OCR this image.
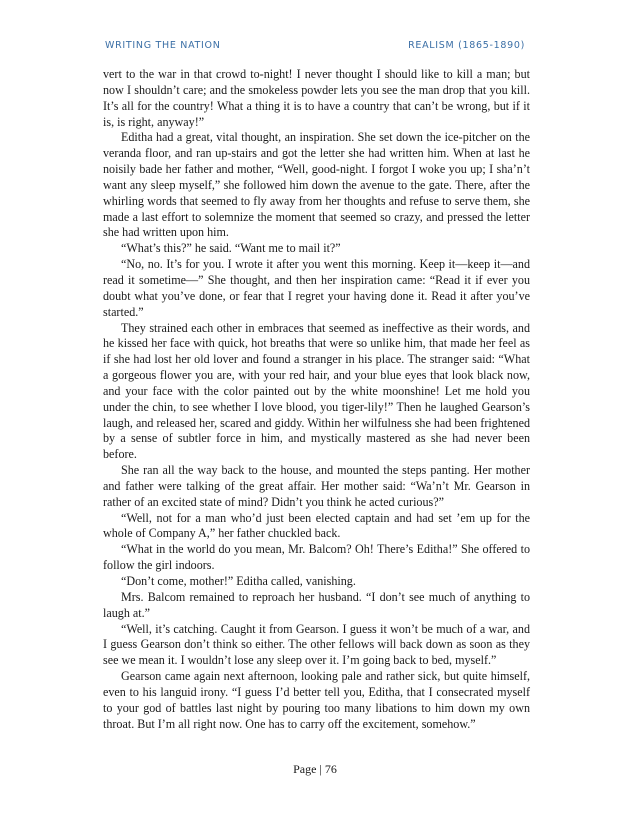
WRITING THE NATION	REALISM (1865-1890)

vert to the war in that crowd to-night! I never thought I should like to kill a man; but now I shouldn’t care; and the smokeless powder lets you see the man drop that you kill. It’s all for the country! What a thing it is to have a country that can’t be wrong, but if it is, is right, anyway!”

Editha had a great, vital thought, an inspiration. She set down the ice-pitcher on the veranda floor, and ran up-stairs and got the letter she had written him. When at last he noisily bade her father and mother, “Well, good-night. I forgot I woke you up; I sha’n’t want any sleep myself,” she followed him down the avenue to the gate. There, after the whirling words that seemed to fly away from her thoughts and refuse to serve them, she made a last effort to solemnize the moment that seemed so crazy, and pressed the letter she had written upon him.

“What’s this?” he said. “Want me to mail it?”

“No, no. It’s for you. I wrote it after you went this morning. Keep it—keep it—and read it sometime—” She thought, and then her inspiration came: “Read it if ever you doubt what you’ve done, or fear that I regret your having done it. Read it after you’ve started.”

They strained each other in embraces that seemed as ineffective as their words, and he kissed her face with quick, hot breaths that were so unlike him, that made her feel as if she had lost her old lover and found a stranger in his place. The stranger said: “What a gorgeous flower you are, with your red hair, and your blue eyes that look black now, and your face with the color painted out by the white moonshine! Let me hold you under the chin, to see whether I love blood, you tiger-lily!” Then he laughed Gearson’s laugh, and released her, scared and giddy. Within her wilfulness she had been frightened by a sense of subtler force in him, and mystically mastered as she had never been before.

She ran all the way back to the house, and mounted the steps panting. Her mother and father were talking of the great affair. Her mother said: “Wa’n’t Mr. Gearson in rather of an excited state of mind? Didn’t you think he acted curious?”

“Well, not for a man who’d just been elected captain and had set ’em up for the whole of Company A,” her father chuckled back.

“What in the world do you mean, Mr. Balcom? Oh! There’s Editha!” She offered to follow the girl indoors.

“Don’t come, mother!” Editha called, vanishing.

Mrs. Balcom remained to reproach her husband. “I don’t see much of anything to laugh at.”

“Well, it’s catching. Caught it from Gearson. I guess it won’t be much of a war, and I guess Gearson don’t think so either. The other fellows will back down as soon as they see we mean it. I wouldn’t lose any sleep over it. I’m going back to bed, myself.”

Gearson came again next afternoon, looking pale and rather sick, but quite himself, even to his languid irony. “I guess I’d better tell you, Editha, that I consecrated myself to your god of battles last night by pouring too many libations to him down my own throat. But I’m all right now. One has to carry off the excitement, somehow.”

Page | 76
